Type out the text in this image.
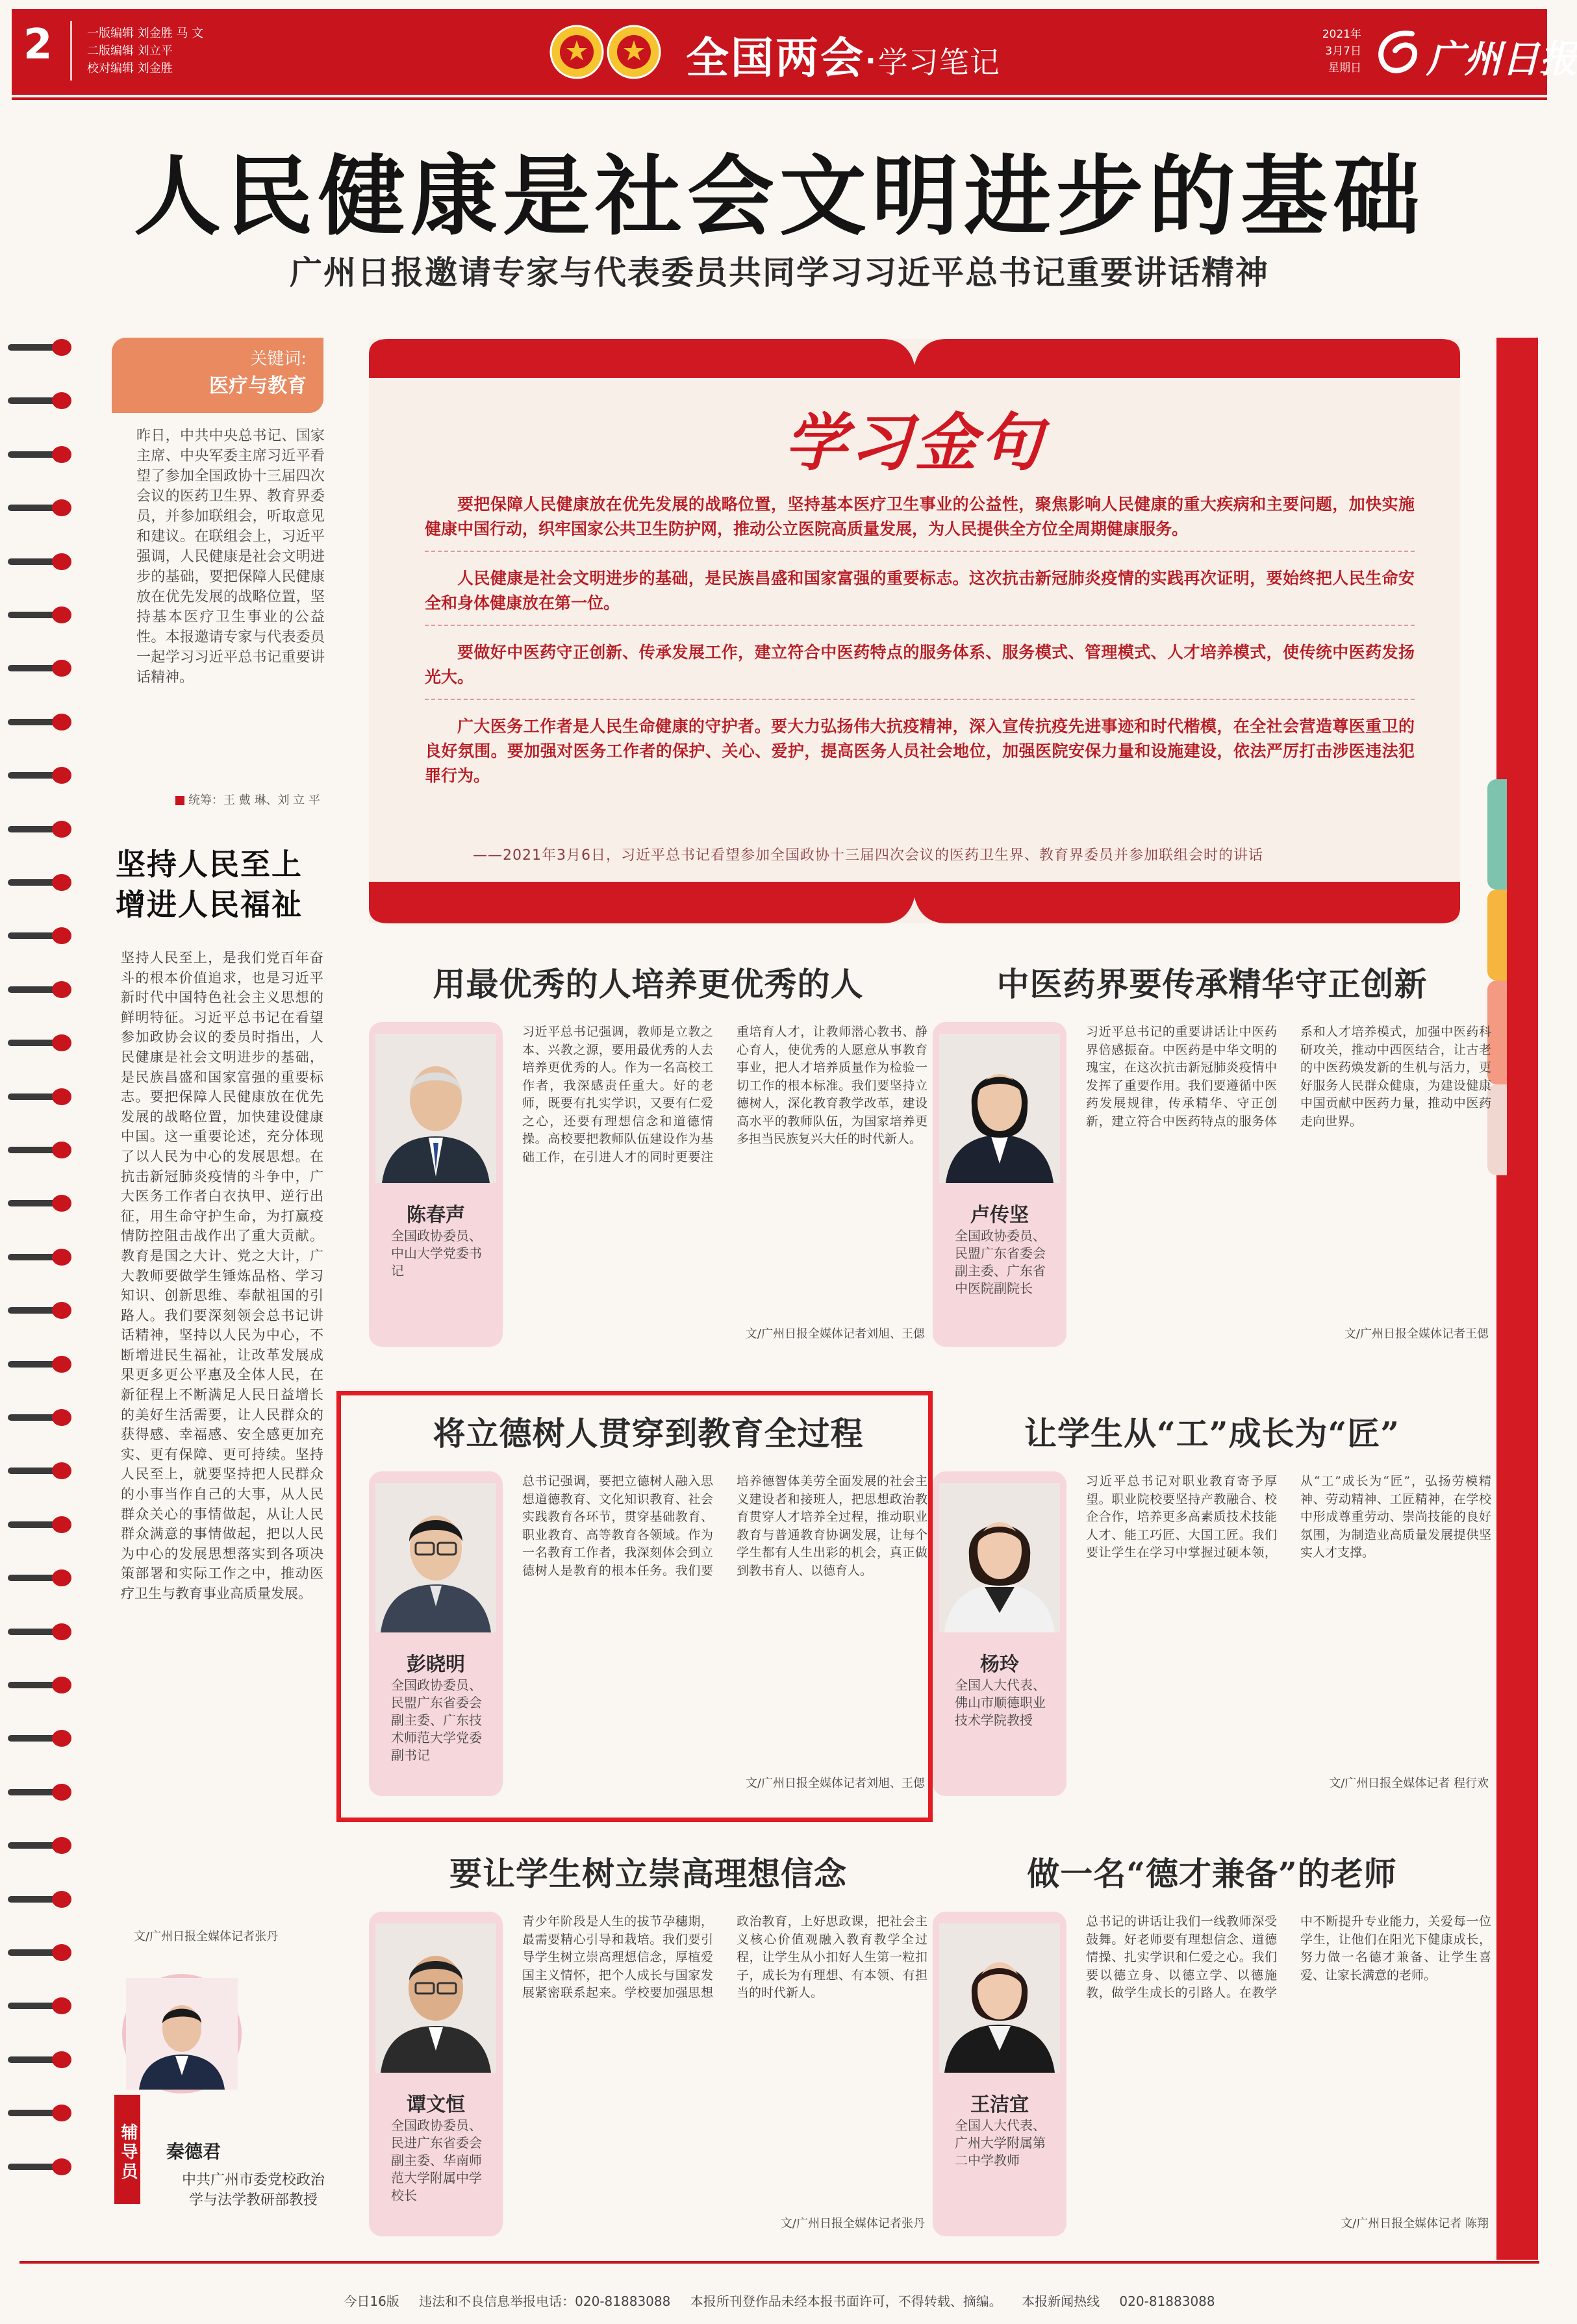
2	一版编辑 刘金胜 马 文
二版编辑 刘立平
校对编辑 刘金胜	全国两会·学习笔记
2021年
3月7日
星期日 广州日报
人民健康是社会文明进步的基础
广州日报邀请专家与代表委员共同学习习近平总书记重要讲话精神
关键词:
医疗与教育
昨日，中共中央总书记、国家主席、中央军委主席习近平看望了参加全国政协十三届四次会议的医药卫生界、教育界委员，并参加联组会，听取意见和建议。在联组会上，习近平强调，人民健康是社会文明进步的基础，要把保障人民健康放在优先发展的战略位置，坚持基本医疗卫生事业的公益性。本报邀请专家与代表委员一起学习习近平总书记重要讲话精神。
统筹：王 戴 琳、刘 立 平
坚持人民至上 增进人民福祉
坚持人民至上，是我们党百年奋斗的根本价值追求，也是习近平新时代中国特色社会主义思想的鲜明特征。习近平总书记在看望参加政协会议的委员时指出，人民健康是社会文明进步的基础，是民族昌盛和国家富强的重要标志。要把保障人民健康放在优先发展的战略位置，加快建设健康中国。这一重要论述，充分体现了以人民为中心的发展思想。在抗击新冠肺炎疫情的斗争中，广大医务工作者白衣执甲、逆行出征，用生命守护生命，为打赢疫情防控阻击战作出了重大贡献。教育是国之大计、党之大计，广大教师要做学生锤炼品格、学习知识、创新思维、奉献祖国的引路人。我们要深刻领会总书记讲话精神，坚持以人民为中心，不断增进民生福祉，让改革发展成果更多更公平惠及全体人民，在新征程上不断满足人民日益增长的美好生活需要，让人民群众的获得感、幸福感、安全感更加充实、更有保障、更可持续。坚持人民至上，就要坚持把人民群众的小事当作自己的大事，从人民群众关心的事情做起，从让人民群众满意的事情做起，把以人民为中心的发展思想落实到各项决策部署和实际工作之中，推动医疗卫生与教育事业高质量发展。
文/广州日报全媒体记者张丹
辅导员 秦德君
中共广州市委党校政治学与法学教研部教授
学习金句
要把保障人民健康放在优先发展的战略位置，坚持基本医疗卫生事业的公益性，聚焦影响人民健康的重大疾病和主要问题，加快实施健康中国行动，织牢国家公共卫生防护网，推动公立医院高质量发展，为人民提供全方位全周期健康服务。
人民健康是社会文明进步的基础，是民族昌盛和国家富强的重要标志。这次抗击新冠肺炎疫情的实践再次证明，要始终把人民生命安全和身体健康放在第一位。
要做好中医药守正创新、传承发展工作，建立符合中医药特点的服务体系、服务模式、管理模式、人才培养模式，使传统中医药发扬光大。
广大医务工作者是人民生命健康的守护者。要大力弘扬伟大抗疫精神，深入宣传抗疫先进事迹和时代楷模，在全社会营造尊医重卫的良好氛围。要加强对医务工作者的保护、关心、爱护，提高医务人员社会地位，加强医院安保力量和设施建设，依法严厉打击涉医违法犯罪行为。
——2021年3月6日，习近平总书记看望参加全国政协十三届四次会议的医药卫生界、教育界委员并参加联组会时的讲话
用最优秀的人培养更优秀的人
陈春声
全国政协委员、中山大学党委书记
习近平总书记强调，教师是立教之本、兴教之源，要用最优秀的人去培养更优秀的人。作为一名高校工作者，我深感责任重大。好的老师，既要有扎实学识，又要有仁爱之心，还要有理想信念和道德情操。高校要把教师队伍建设作为基础工作，在引进人才的同时更要注重培育人才，让教师潜心教书、静心育人，使优秀的人愿意从事教育事业，把人才培养质量作为检验一切工作的根本标准。我们要坚持立德树人，深化教育教学改革，建设高水平的教师队伍，为国家培养更多担当民族复兴大任的时代新人。
文/广州日报全媒体记者刘旭、王偲
中医药界要传承精华守正创新
卢传坚
全国政协委员、民盟广东省委会副主委、广东省中医院副院长
习近平总书记的重要讲话让中医药界倍感振奋。中医药是中华文明的瑰宝，在这次抗击新冠肺炎疫情中发挥了重要作用。我们要遵循中医药发展规律，传承精华、守正创新，建立符合中医药特点的服务体系和人才培养模式，加强中医药科研攻关，推动中西医结合，让古老的中医药焕发新的生机与活力，更好服务人民群众健康，为建设健康中国贡献中医药力量，推动中医药走向世界。
文/广州日报全媒体记者王偲
将立德树人贯穿到教育全过程
彭晓明
全国政协委员、民盟广东省委会副主委、广东技术师范大学党委副书记
总书记强调，要把立德树人融入思想道德教育、文化知识教育、社会实践教育各环节，贯穿基础教育、职业教育、高等教育各领域。作为一名教育工作者，我深刻体会到立德树人是教育的根本任务。我们要培养德智体美劳全面发展的社会主义建设者和接班人，把思想政治教育贯穿人才培养全过程，推动职业教育与普通教育协调发展，让每个学生都有人生出彩的机会，真正做到教书育人、以德育人。
文/广州日报全媒体记者刘旭、王偲
让学生从“工”成长为“匠”
杨玲
全国人大代表、佛山市顺德职业技术学院教授
习近平总书记对职业教育寄予厚望。职业院校要坚持产教融合、校企合作，培养更多高素质技术技能人才、能工巧匠、大国工匠。我们要让学生在学习中掌握过硬本领，从“工”成长为“匠”，弘扬劳模精神、劳动精神、工匠精神，在学校中形成尊重劳动、崇尚技能的良好氛围，为制造业高质量发展提供坚实人才支撑。
文/广州日报全媒体记者 程行欢
要让学生树立崇高理想信念
谭文恒
全国政协委员、民进广东省委会副主委、华南师范大学附属中学校长
青少年阶段是人生的拔节孕穗期，最需要精心引导和栽培。我们要引导学生树立崇高理想信念，厚植爱国主义情怀，把个人成长与国家发展紧密联系起来。学校要加强思想政治教育，上好思政课，把社会主义核心价值观融入教育教学全过程，让学生从小扣好人生第一粒扣子，成长为有理想、有本领、有担当的时代新人。
文/广州日报全媒体记者张丹
做一名“德才兼备”的老师
王洁宜
全国人大代表、广州大学附属第二中学教师
总书记的讲话让我们一线教师深受鼓舞。好老师要有理想信念、道德情操、扎实学识和仁爱之心。我们要以德立身、以德立学、以德施教，做学生成长的引路人。在教学中不断提升专业能力，关爱每一位学生，让他们在阳光下健康成长，努力做一名德才兼备、让学生喜爱、让家长满意的老师。
文/广州日报全媒体记者 陈翔
今日16版 违法和不良信息举报电话：020-81883088 本报所刊登作品未经本报书面许可，不得转载、摘编。 本报新闻热线 020-81883088
